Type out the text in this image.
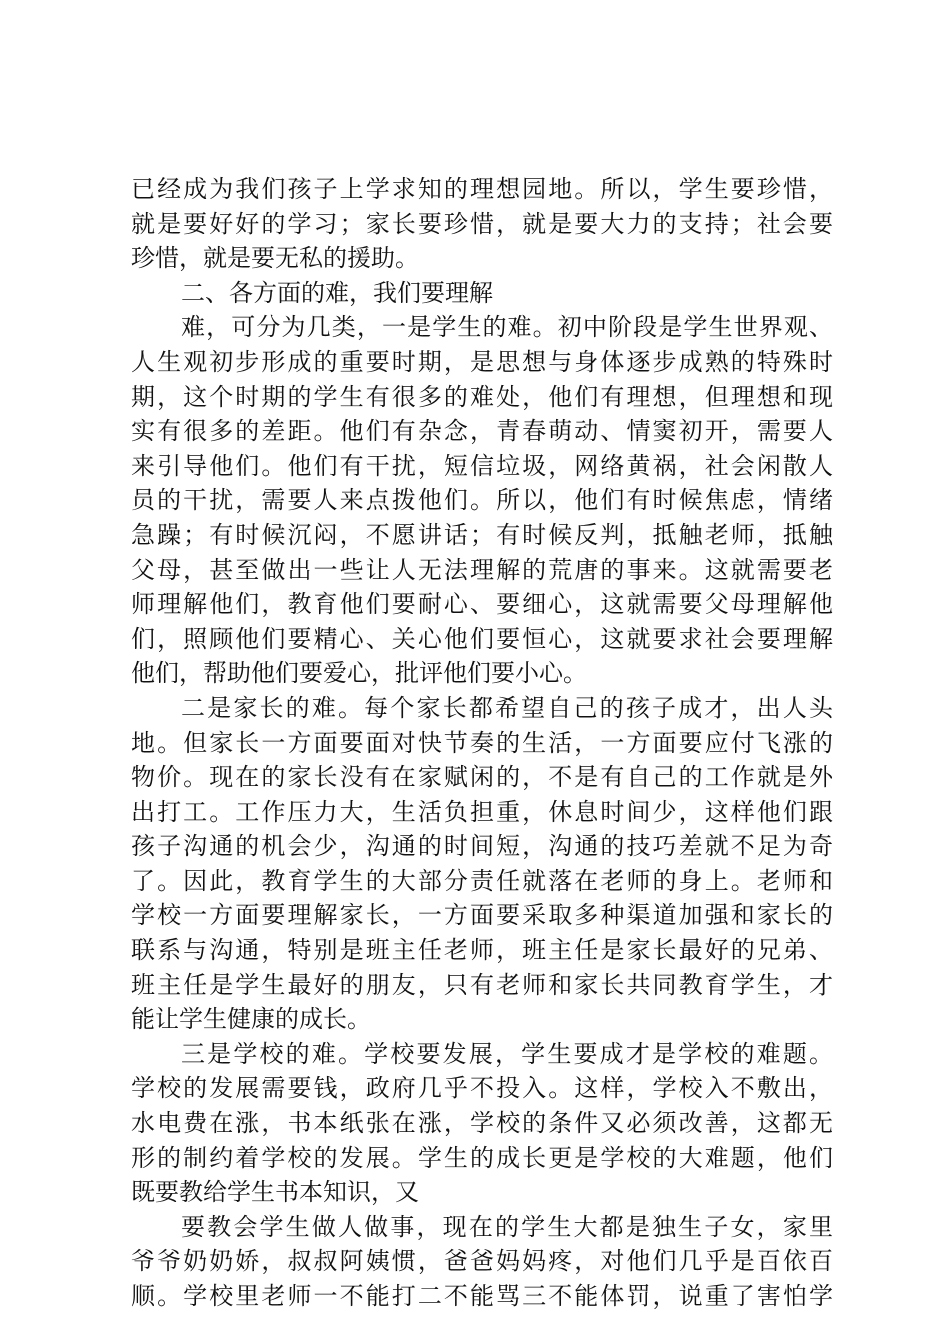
已经成为我们孩子上学求知的理想园地。所以，学生要珍惜，
就是要好好的学习；家长要珍惜，就是要大力的支持；社会要
珍惜，就是要无私的援助。
二、各方面的难，我们要理解
难，可分为几类，一是学生的难。初中阶段是学生世界观、
人生观初步形成的重要时期，是思想与身体逐步成熟的特殊时
期，这个时期的学生有很多的难处，他们有理想，但理想和现
实有很多的差距。他们有杂念，青春萌动、情窦初开，需要人
来引导他们。他们有干扰，短信垃圾，网络黄祸，社会闲散人
员的干扰，需要人来点拨他们。所以，他们有时候焦虑，情绪
急躁；有时候沉闷，不愿讲话；有时候反判，抵触老师，抵触
父母，甚至做出一些让人无法理解的荒唐的事来。这就需要老
师理解他们，教育他们要耐心、要细心，这就需要父母理解他
们，照顾他们要精心、关心他们要恒心，这就要求社会要理解
他们，帮助他们要爱心，批评他们要小心。
二是家长的难。每个家长都希望自己的孩子成才，出人头
地。但家长一方面要面对快节奏的生活，一方面要应付飞涨的
物价。现在的家长没有在家赋闲的，不是有自己的工作就是外
出打工。工作压力大，生活负担重，休息时间少，这样他们跟
孩子沟通的机会少，沟通的时间短，沟通的技巧差就不足为奇
了。因此，教育学生的大部分责任就落在老师的身上。老师和
学校一方面要理解家长，一方面要采取多种渠道加强和家长的
联系与沟通，特别是班主任老师，班主任是家长最好的兄弟、
班主任是学生最好的朋友，只有老师和家长共同教育学生，才
能让学生健康的成长。
三是学校的难。学校要发展，学生要成才是学校的难题。
学校的发展需要钱，政府几乎不投入。这样，学校入不敷出，
水电费在涨，书本纸张在涨，学校的条件又必须改善，这都无
形的制约着学校的发展。学生的成长更是学校的大难题，他们
既要教给学生书本知识，又
要教会学生做人做事，现在的学生大都是独生子女，家里
爷爷奶奶娇，叔叔阿姨惯，爸爸妈妈疼，对他们几乎是百依百
顺。学校里老师一不能打二不能骂三不能体罚，说重了害怕学
